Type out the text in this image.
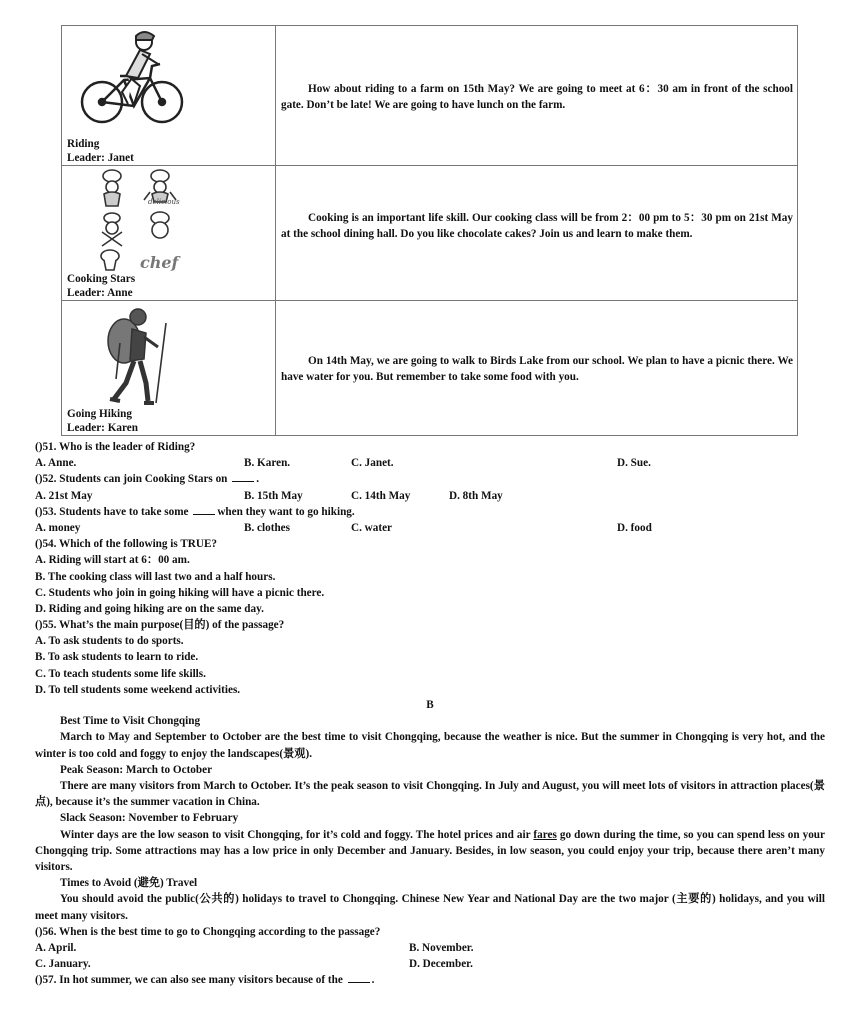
Riding
Leader: Janet	How about riding to a farm on 15th May? We are going to meet at 6：30 am in front of the school gate. Don’t be late! We are going to have lunch on the farm.

delicious
chef
Cooking Stars
Leader: Anne	Cooking is an important life skill. Our cooking class will be from 2：00 pm to 5：30 pm on 21st May at the school dining hall. Do you like chocolate cakes? Join us and learn to make them.

Going Hiking
Leader: Karen	On 14th May, we are going to walk to Birds Lake from our school. We plan to have a picnic there. We have water for you. But remember to take some food with you.
()51. Who is the leader of Riding?
A. Anne.	B. Karen.	C. Janet.	D. Sue.
()52. Students can join Cooking Stars on .
A. 21st May	B. 15th May	C. 14th May	D. 8th May
()53. Students have to take some when they want to go hiking.
A. money	B. clothes	C. water	D. food
()54. Which of the following is TRUE?
A. Riding will start at 6：00 am.
B. The cooking class will last two and a half hours.
C. Students who join in going hiking will have a picnic there.
D. Riding and going hiking are on the same day.
()55. What’s the main purpose(目的) of the passage?
A. To ask students to do sports.
B. To ask students to learn to ride.
C. To teach students some life skills.
D. To tell students some weekend activities.
B
Best Time to Visit Chongqing
March to May and September to October are the best time to visit Chongqing, because the weather is nice. But the summer in Chongqing is very hot, and the winter is too cold and foggy to enjoy the landscapes(景观).
Peak Season: March to October
There are many visitors from March to October. It’s the peak season to visit Chongqing. In July and August, you will meet lots of visitors in attraction places(景点), because it’s the summer vacation in China.
Slack Season: November to February
Winter days are the low season to visit Chongqing, for it’s cold and foggy. The hotel prices and air fares go down during the time, so you can spend less on your Chongqing trip. Some attractions may has a low price in only December and January. Besides, in low season, you could enjoy your trip, because there aren’t many visitors.
Times to Avoid (避免) Travel
You should avoid the public(公共的) holidays to travel to Chongqing. Chinese New Year and National Day are the two major (主要的) holidays, and you will meet many visitors.
()56. When is the best time to go to Chongqing according to the passage?
A. April.	B. November.
C. January.	D. December.
()57. In hot summer, we can also see many visitors because of the .
